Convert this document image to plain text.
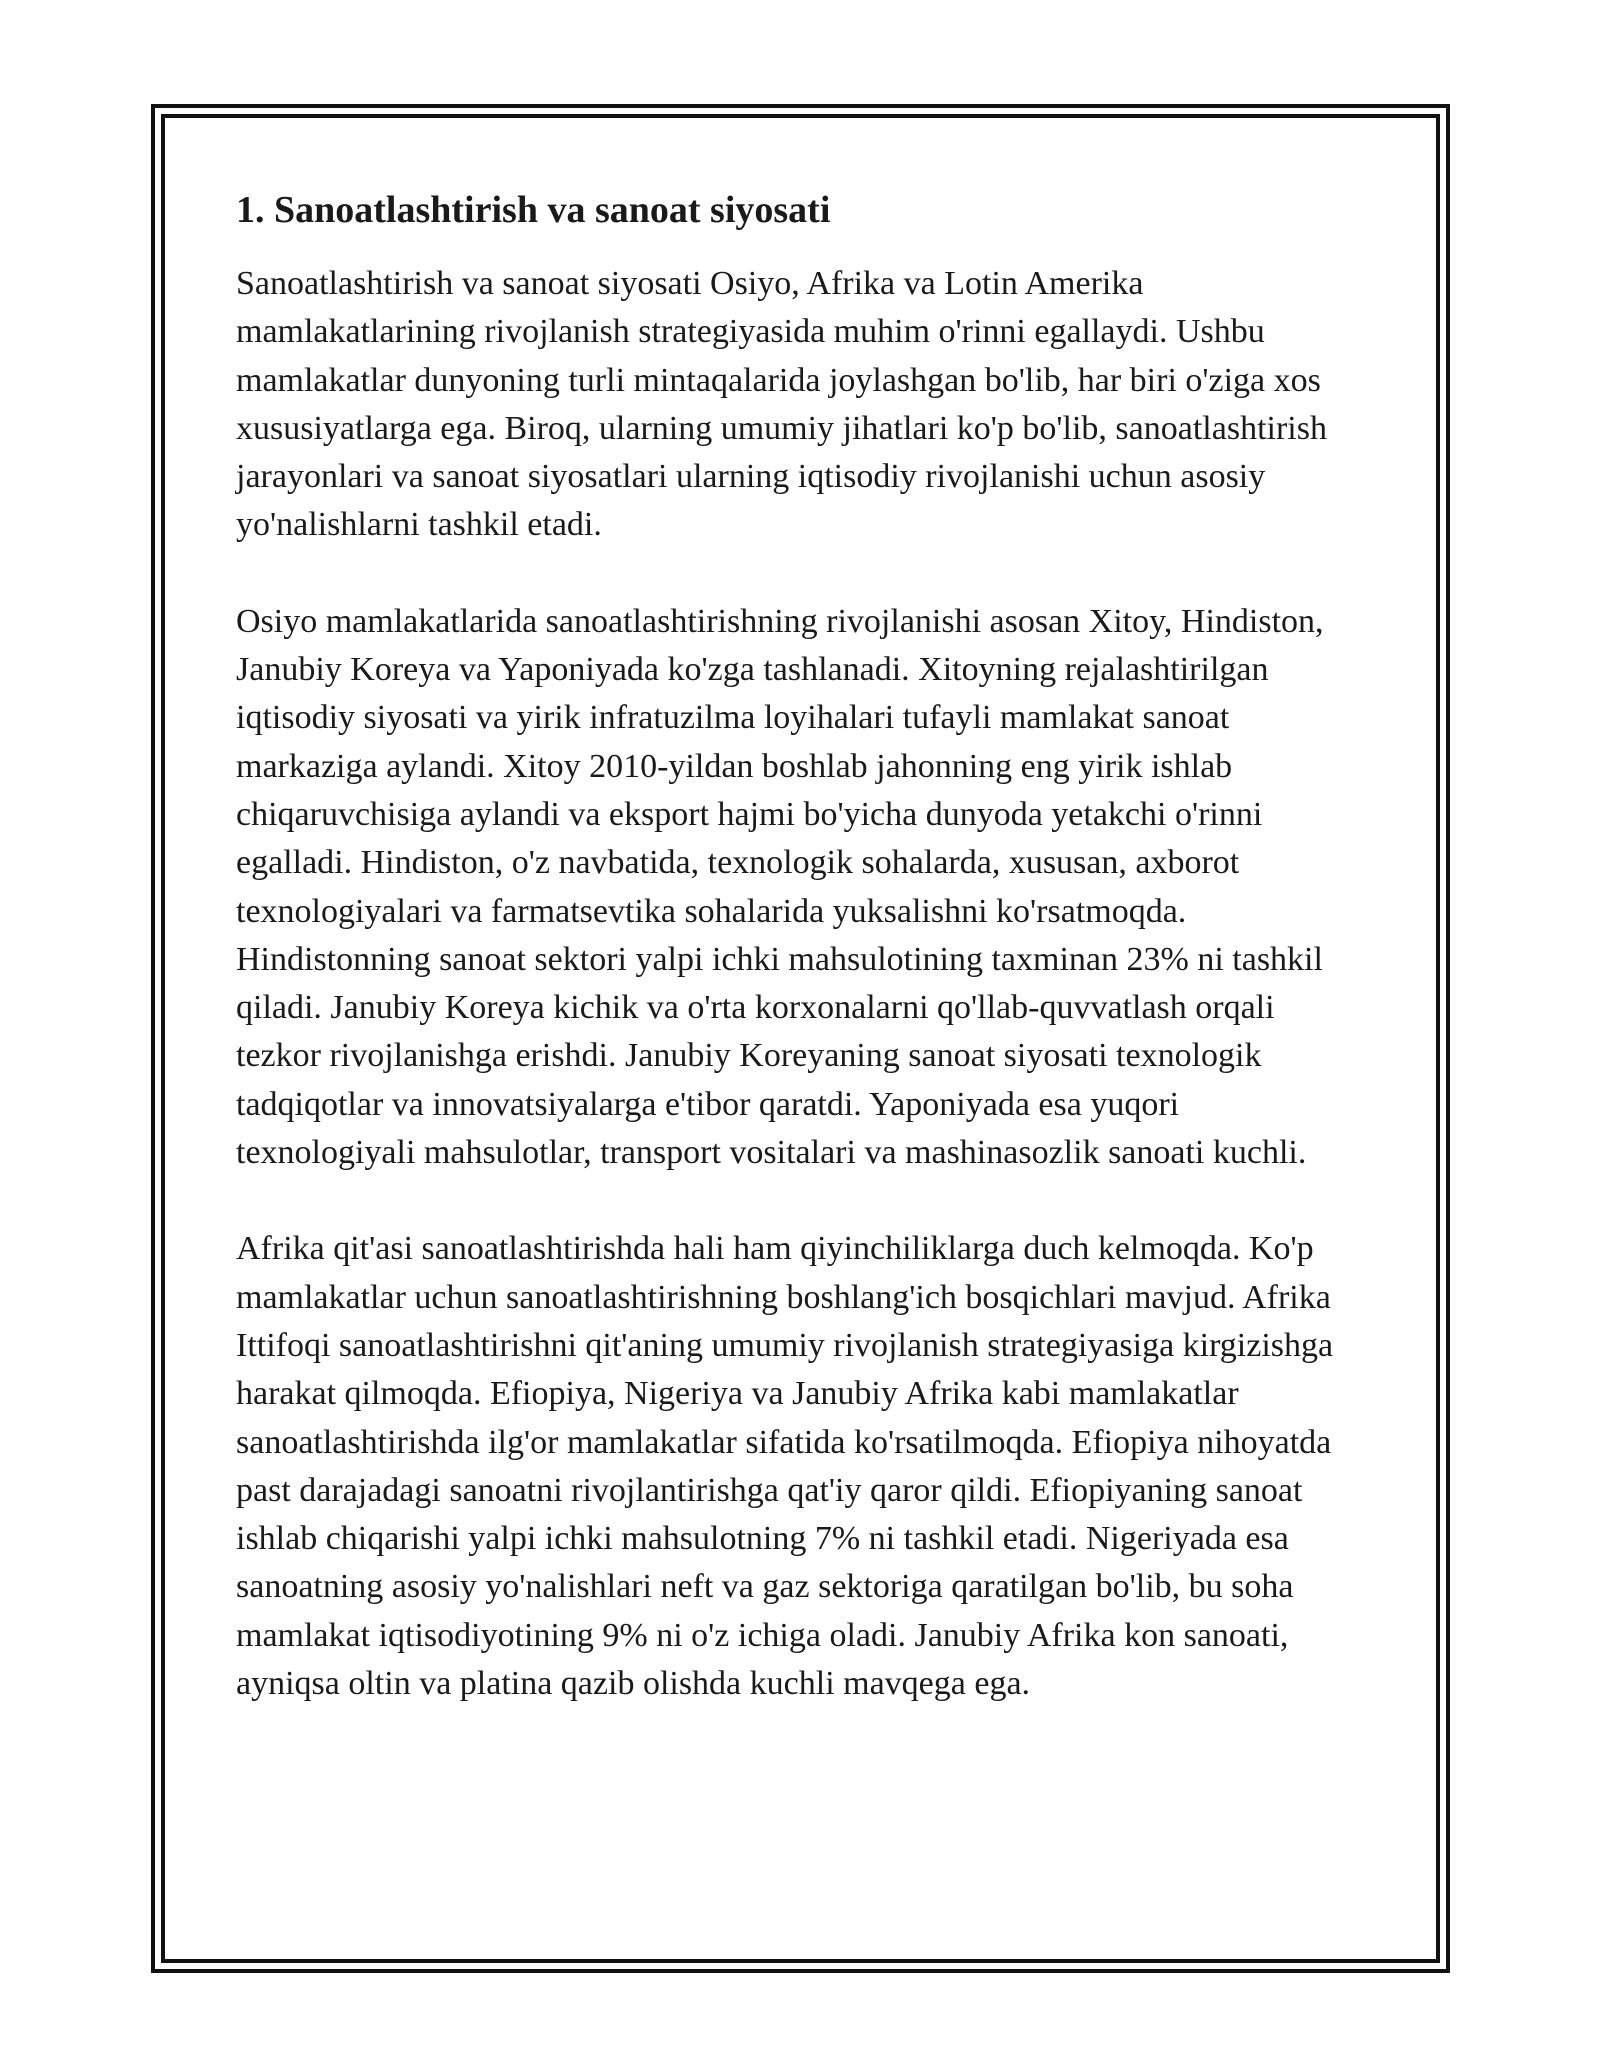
1. Sanoatlashtirish va sanoat siyosati

Sanoatlashtirish va sanoat siyosati Osiyo, Afrika va Lotin Amerika mamlakatlarining rivojlanish strategiyasida muhim o'rinni egallaydi. Ushbu mamlakatlar dunyoning turli mintaqalarida joylashgan bo'lib, har biri o'ziga xos xususiyatlarga ega. Biroq, ularning umumiy jihatlari ko'p bo'lib, sanoatlashtirish jarayonlari va sanoat siyosatlari ularning iqtisodiy rivojlanishi uchun asosiy yo'nalishlarni tashkil etadi.

Osiyo mamlakatlarida sanoatlashtirishning rivojlanishi asosan Xitoy, Hindiston, Janubiy Koreya va Yaponiyada ko'zga tashlanadi. Xitoyning rejalashtirilgan iqtisodiy siyosati va yirik infratuzilma loyihalari tufayli mamlakat sanoat markaziga aylandi. Xitoy 2010-yildan boshlab jahonning eng yirik ishlab chiqaruvchisiga aylandi va eksport hajmi bo'yicha dunyoda yetakchi o'rinni egalladi. Hindiston, o'z navbatida, texnologik sohalarda, xususan, axborot texnologiyalari va farmatsevtika sohalarida yuksalishni ko'rsatmoqda. Hindistonning sanoat sektori yalpi ichki mahsulotining taxminan 23% ni tashkil qiladi. Janubiy Koreya kichik va o'rta korxonalarni qo'llab-quvvatlash orqali tezkor rivojlanishga erishdi. Janubiy Koreyaning sanoat siyosati texnologik tadqiqotlar va innovatsiyalarga e'tibor qaratdi. Yaponiyada esa yuqori texnologiyali mahsulotlar, transport vositalari va mashinasozlik sanoati kuchli.

Afrika qit'asi sanoatlashtirishda hali ham qiyinchiliklarga duch kelmoqda. Ko'p mamlakatlar uchun sanoatlashtirishning boshlang'ich bosqichlari mavjud. Afrika Ittifoqi sanoatlashtirishni qit'aning umumiy rivojlanish strategiyasiga kirgizishga harakat qilmoqda. Efiopiya, Nigeriya va Janubiy Afrika kabi mamlakatlar sanoatlashtirishda ilg'or mamlakatlar sifatida ko'rsatilmoqda. Efiopiya nihoyatda past darajadagi sanoatni rivojlantirishga qat'iy qaror qildi. Efiopiyaning sanoat ishlab chiqarishi yalpi ichki mahsulotning 7% ni tashkil etadi. Nigeriyada esa sanoatning asosiy yo'nalishlari neft va gaz sektoriga qaratilgan bo'lib, bu soha mamlakat iqtisodiyotining 9% ni o'z ichiga oladi. Janubiy Afrika kon sanoati, ayniqsa oltin va platina qazib olishda kuchli mavqega ega.
